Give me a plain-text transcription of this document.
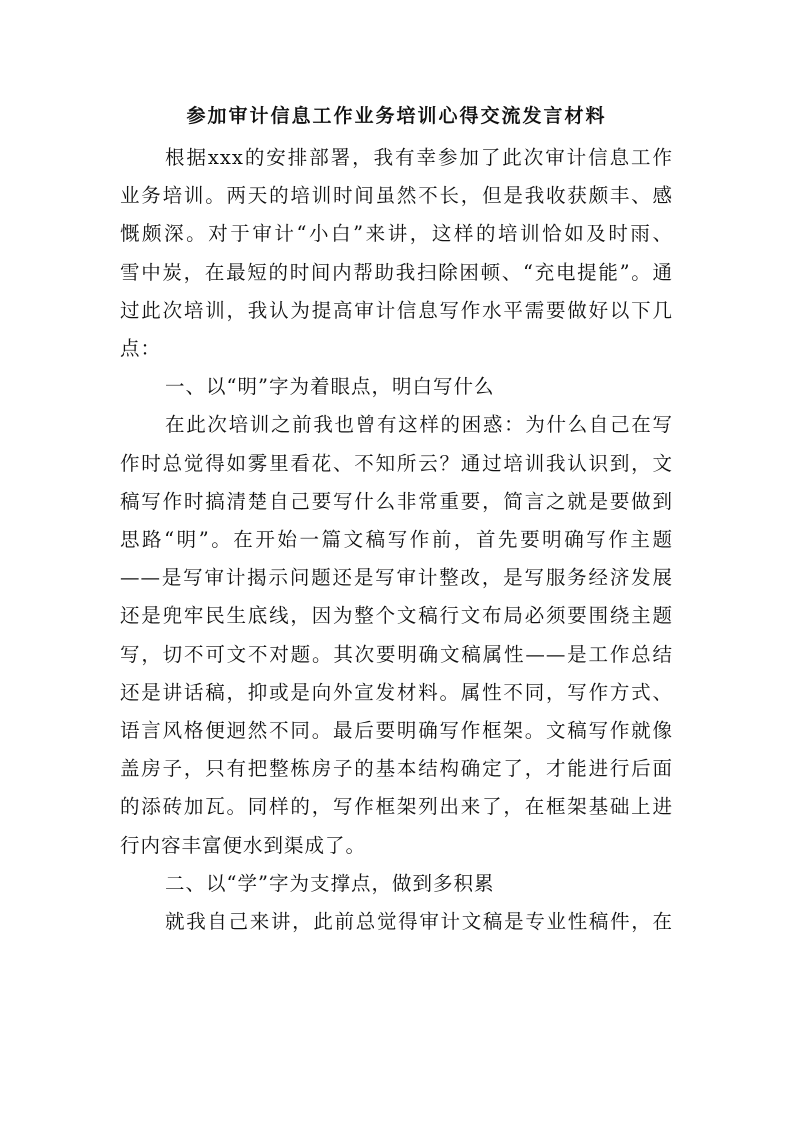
参加审计信息工作业务培训心得交流发言材料
根据xxx的安排部署，我有幸参加了此次审计信息工作
业务培训。两天的培训时间虽然不长，但是我收获颇丰、感
慨颇深。对于审计“小白”来讲，这样的培训恰如及时雨、
雪中炭，在最短的时间内帮助我扫除困顿、“充电提能”。通
过此次培训，我认为提高审计信息写作水平需要做好以下几
点：
一、以“明”字为着眼点，明白写什么
在此次培训之前我也曾有这样的困惑：为什么自己在写
作时总觉得如雾里看花、不知所云？通过培训我认识到，文
稿写作时搞清楚自己要写什么非常重要，简言之就是要做到
思路“明”。在开始一篇文稿写作前，首先要明确写作主题
——是写审计揭示问题还是写审计整改，是写服务经济发展
还是兜牢民生底线，因为整个文稿行文布局必须要围绕主题
写，切不可文不对题。其次要明确文稿属性——是工作总结
还是讲话稿，抑或是向外宣发材料。属性不同，写作方式、
语言风格便迥然不同。最后要明确写作框架。文稿写作就像
盖房子，只有把整栋房子的基本结构确定了，才能进行后面
的添砖加瓦。同样的，写作框架列出来了，在框架基础上进
行内容丰富便水到渠成了。
二、以“学”字为支撑点，做到多积累
就我自己来讲，此前总觉得审计文稿是专业性稿件，在
